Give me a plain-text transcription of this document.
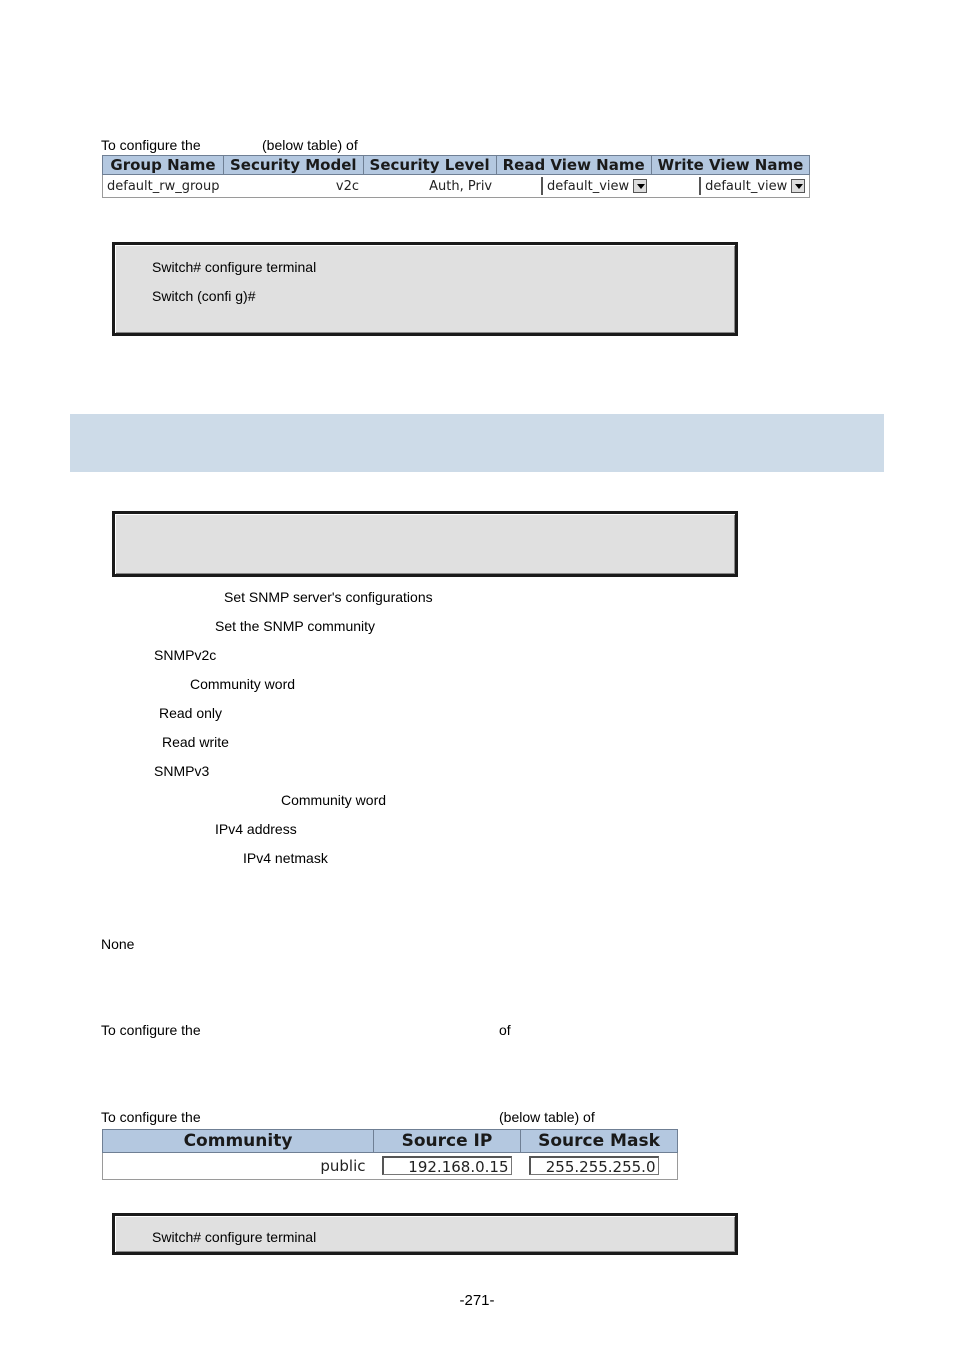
To configure the	(below table) of
Group Name	Security Model	Security Level	Read View Name	Write View Name
default_rw_group	v2c	Auth, Priv	default_view	default_view
Switch# configure terminal
Switch (confi g)#
Set SNMP server's configurations
Set the SNMP community
SNMPv2c
Community word
Read only
Read write
SNMPv3
Community word
IPv4 address
IPv4 netmask
None
To configure the	of
To configure the	(below table) of
Community	Source IP	Source Mask
public	192.168.0.15	255.255.255.0
Switch# configure terminal
-271-
